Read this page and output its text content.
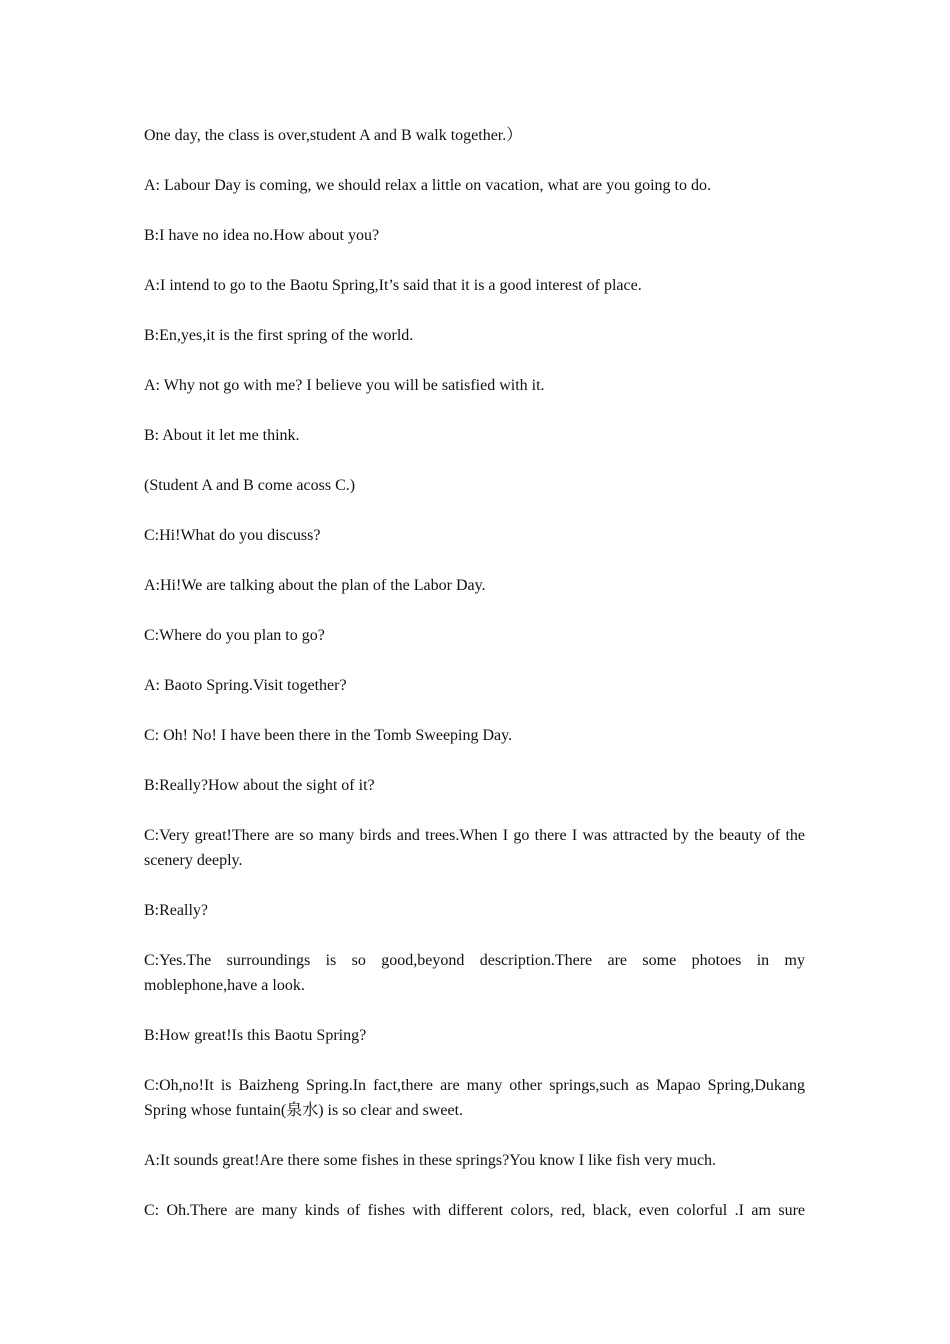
One day, the class is over,student A and B walk together.）

A: Labour Day is coming, we should relax a little on vacation, what are you going to do.

B:I have no idea no.How about you?

A:I intend to go to the Baotu Spring,It’s said that it is a good interest of place.

B:En,yes,it is the first spring of the world.

A: Why not go with me? I believe you will be satisfied with it.

B: About it let me think.

(Student A and B come acoss C.)

C:Hi!What do you discuss?

A:Hi!We are talking about the plan of the Labor Day.

C:Where do you plan to go?

A: Baoto Spring.Visit together?

C: Oh! No! I have been there in the Tomb Sweeping Day.

B:Really?How about the sight of it?

C:Very great!There are so many birds and trees.When I go there I was attracted by the beauty of the scenery deeply.

B:Really?

C:Yes.The surroundings is so good,beyond description.There are some photoes in my moblephone,have a look.

B:How great!Is this Baotu Spring?

C:Oh,no!It is Baizheng Spring.In fact,there are many other springs,such as Mapao Spring,Dukang Spring whose funtain(泉水) is so clear and sweet.

A:It sounds great!Are there some fishes in these springs?You know I like fish very much.

C: Oh.There are many kinds of fishes with different colors, red, black, even colorful .I am sure
